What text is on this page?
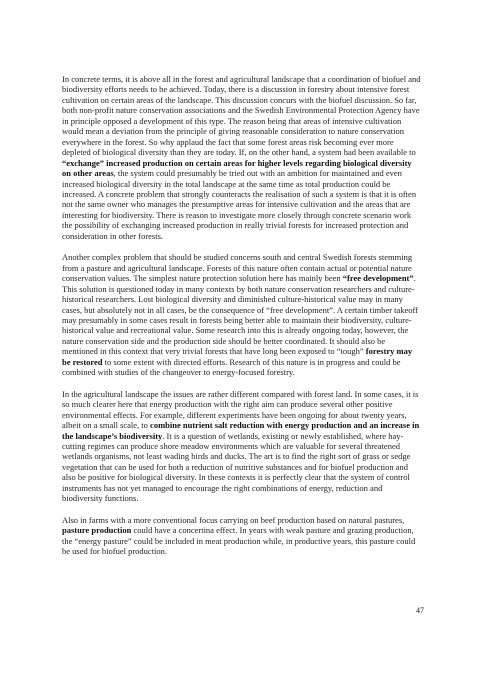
In concrete terms, it is above all in the forest and agricultural landscape that a coordination of biofuel and biodiversity efforts needs to be achieved. Today, there is a discussion in forestry about intensive forest cultivation on certain areas of the landscape. This discussion concurs with the biofuel discussion. So far, both non-profit nature conservation associations and the Swedish Environmental Protection Agency have in principle opposed a development of this type. The reason being that areas of intensive cultivation would mean a deviation from the principle of giving reasonable consideration to nature conservation everywhere in the forest. So why applaud the fact that some forest areas risk becoming ever more depleted of biological diversity than they are today. If, on the other hand, a system had been available to “exchange” increased production on certain areas for higher levels regarding biological diversity on other areas, the system could presumably be tried out with an ambition for maintained and even increased biological diversity in the total landscape at the same time as total production could be increased. A concrete problem that strongly counteracts the realisation of such a system is that it is often not the same owner who manages the presumptive areas for intensive cultivation and the areas that are interesting for biodiversity. There is reason to investigate more closely through concrete scenario work the possibility of exchanging increased production in really trivial forests for increased protection and consideration in other forests.

Another complex problem that should be studied concerns south and central Swedish forests stemming from a pasture and agricultural landscape. Forests of this nature often contain actual or potential nature conservation values. The simplest nature protection solution here has mainly been “free development”. This solution is questioned today in many contexts by both nature conservation researchers and culture-historical researchers. Lost biological diversity and diminished culture-historical value may in many cases, but absolutely not in all cases, be the consequence of “free development”. A certain timber takeoff may presumably in some cases result in forests being better able to maintain their biodiversity, culture-historical value and recreational value. Some research into this is already ongoing today, however, the nature conservation side and the production side should be better coordinated. It should also be mentioned in this context that very trivial forests that have long been exposed to “tough” forestry may be restored to some extent with directed efforts. Research of this nature is in progress and could be combined with studies of the changeover to energy-focused forestry.

In the agricultural landscape the issues are rather different compared with forest land. In some cases, it is so much clearer here that energy production with the right aim can produce several other positive environmental effects. For example, different experiments have been ongoing for about twenty years, albeit on a small scale, to combine nutrient salt reduction with energy production and an increase in the landscape’s biodiversity. It is a question of wetlands, existing or newly established, where hay-cutting regimes can produce shore meadow environments which are valuable for several threatened wetlands organisms, not least wading birds and ducks. The art is to find the right sort of grass or sedge vegetation that can be used for both a reduction of nutritive substances and for biofuel production and also be positive for biological diversity. In these contexts it is perfectly clear that the system of control instruments has not yet managed to encourage the right combinations of energy, reduction and biodiversity functions.

Also in farms with a more conventional focus carrying on beef production based on natural pastures, pasture production could have a concertina effect. In years with weak pasture and grazing production, the “energy pasture” could be included in meat production while, in productive years, this pasture could be used for biofuel production.

47
